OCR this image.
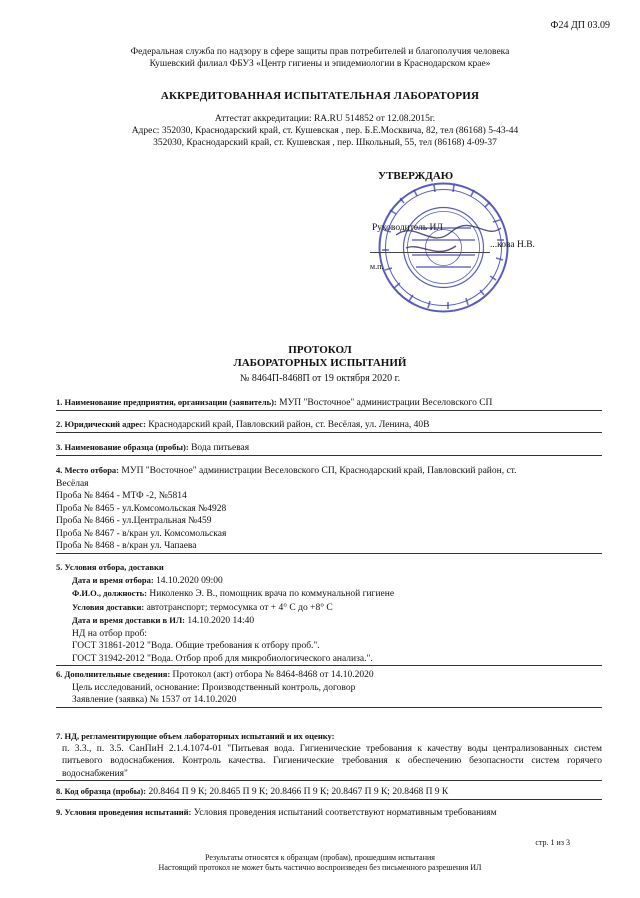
Ф24 ДП 03.09
Федеральная служба по надзору в сфере защиты прав потребителей и благополучия человека
Кушевский филиал ФБУЗ «Центр гигиены и эпидемиологии в Краснодарском крае»
АККРЕДИТОВАННАЯ ИСПЫТАТЕЛЬНАЯ ЛАБОРАТОРИЯ
Аттестат аккредитации: RA.RU 514852 от 12.08.2015г.
Адрес: 352030, Краснодарский край, ст. Кушевская , пер. Б.Е.Москвича, 82, тел (86168) 5-43-44
352030, Краснодарский край, ст. Кушевская , пер. Школьный, 55, тел (86168) 4-09-37
УТВЕРЖДАЮ
Руководитель ИЛ
...кова Н.В.
м.п.
ПРОТОКОЛ
ЛАБОРАТОРНЫХ ИСПЫТАНИЙ
№ 8464П-8468П от 19 октября 2020 г.
1. Наименование предприятия, организации (заявитель): МУП "Восточное" администрации Веселовского СП
2. Юридический адрес: Краснодарский край, Павловский район, ст. Весёлая, ул. Ленина, 40В
3. Наименование образца (пробы): Вода питьевая
4. Место отбора: МУП "Восточное" администрации Веселовского СП, Краснодарский край, Павловский район, ст.
Весёлая
Проба № 8464 - МТФ -2, №5814
Проба № 8465 - ул.Комсомольская №4928
Проба № 8466 - ул.Центральная №459
Проба № 8467 - в/кран ул. Комсомольская
Проба № 8468 - в/кран ул. Чапаева
5. Условия отбора, доставки
Дата и время отбора: 14.10.2020 09:00
Ф.И.О., должность: Николенко Э. В., помощник врача по коммунальной гигиене
Условия доставки: автотранспорт; термосумка от + 4° С до +8° С
Дата и время доставки в ИЛ: 14.10.2020 14:40
НД на отбор проб:
ГОСТ 31861-2012 "Вода. Общие требования к отбору проб.".
ГОСТ 31942-2012 "Вода. Отбор проб для микробиологического анализа.".
6. Дополнительные сведения: Протокол (акт) отбора № 8464-8468 от 14.10.2020
Цель исследований, основание: Производственный контроль, договор
Заявление (заявка) № 1537 от 14.10.2020
7. НД, регламентирующие объем лабораторных испытаний и их оценку:
п. 3.3., п. 3.5. СанПиН 2.1.4.1074-01 "Питьевая вода. Гигиенические требования к качеству воды централизованных систем питьевого водоснабжения. Контроль качества. Гигиенические требования к обеспечению безопасности систем горячего водоснабжения"
8. Код образца (пробы): 20.8464 П 9 К; 20.8465 П 9 К; 20.8466 П 9 К; 20.8467 П 9 К; 20.8468 П 9 К
9. Условия проведения испытаний: Условия проведения испытаний соответствуют нормативным требованиям
стр. 1 из 3
Результаты относятся к образцам (пробам), прошедшим испытания
Настоящий протокол не может быть частично воспроизведен без письменного разрешения ИЛ
